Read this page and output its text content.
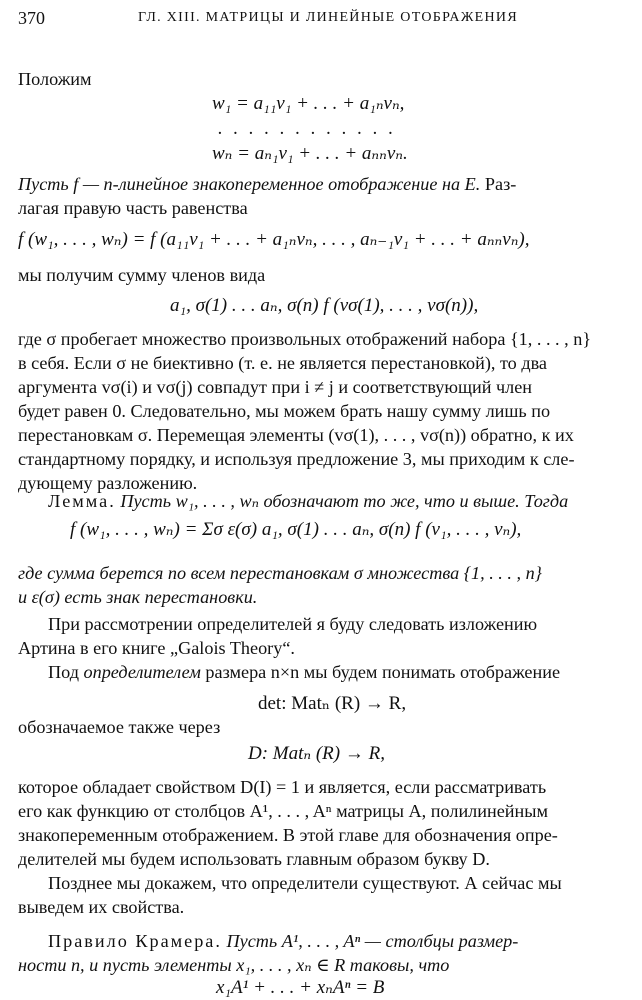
370	ГЛ. XIII. МАТРИЦЫ И ЛИНЕЙНЫЕ ОТОБРАЖЕНИЯ
Положим
w₁ = a₁₁v₁ + . . . + a₁ₙvₙ,
. . . . . . . . . . . .
wₙ = aₙ₁v₁ + . . . + aₙₙvₙ.
Пусть f — n-линейное знакопеременное отображение на E. Раз-
лагая правую часть равенства
f (w₁, . . . , wₙ) = f (a₁₁v₁ + . . . + a₁ₙvₙ, . . . , aₙ₋₁v₁ + . . . + aₙₙvₙ),
мы получим сумму членов вида
a₁, σ(1) . . . aₙ, σ(n) f (vσ(1), . . . , vσ(n)),
где σ пробегает множество произвольных отображений набора {1, . . . , n}
в себя. Если σ не биективно (т. е. не является перестановкой), то два
аргумента vσ(i) и vσ(j) совпадут при i ≠ j и соответствующий член
будет равен 0. Следовательно, мы можем брать нашу сумму лишь по
перестановкам σ. Перемещая элементы (vσ(1), . . . , vσ(n)) обратно, к их
стандартному порядку, и используя предложение 3, мы приходим к сле-
дующему разложению.
Лемма. Пусть w₁, . . . , wₙ обозначают то же, что и выше. Тогда
f (w₁, . . . , wₙ) = Σσ ε(σ) a₁, σ(1) . . . aₙ, σ(n) f (v₁, . . . , vₙ),
где сумма берется по всем перестановкам σ множества {1, . . . , n}
и ε(σ) есть знак перестановки.
При рассмотрении определителей я буду следовать изложению
Артина в его книге „Galois Theory“.
Под определителем размера n×n мы будем понимать отображение
det: Matₙ (R) → R,
обозначаемое также через
D: Matₙ (R) → R,
которое обладает свойством D(I) = 1 и является, если рассматривать
его как функцию от столбцов A¹, . . . , Aⁿ матрицы A, полилинейным
знакопеременным отображением. В этой главе для обозначения опре-
делителей мы будем использовать главным образом букву D.
Позднее мы докажем, что определители существуют. А сейчас мы
выведем их свойства.
Правило Крамера. Пусть A¹, . . . , Aⁿ — столбцы размер-
ности n, и пусть элементы x₁, . . . , xₙ ∈ R таковы, что
x₁A¹ + . . . + xₙAⁿ = B
